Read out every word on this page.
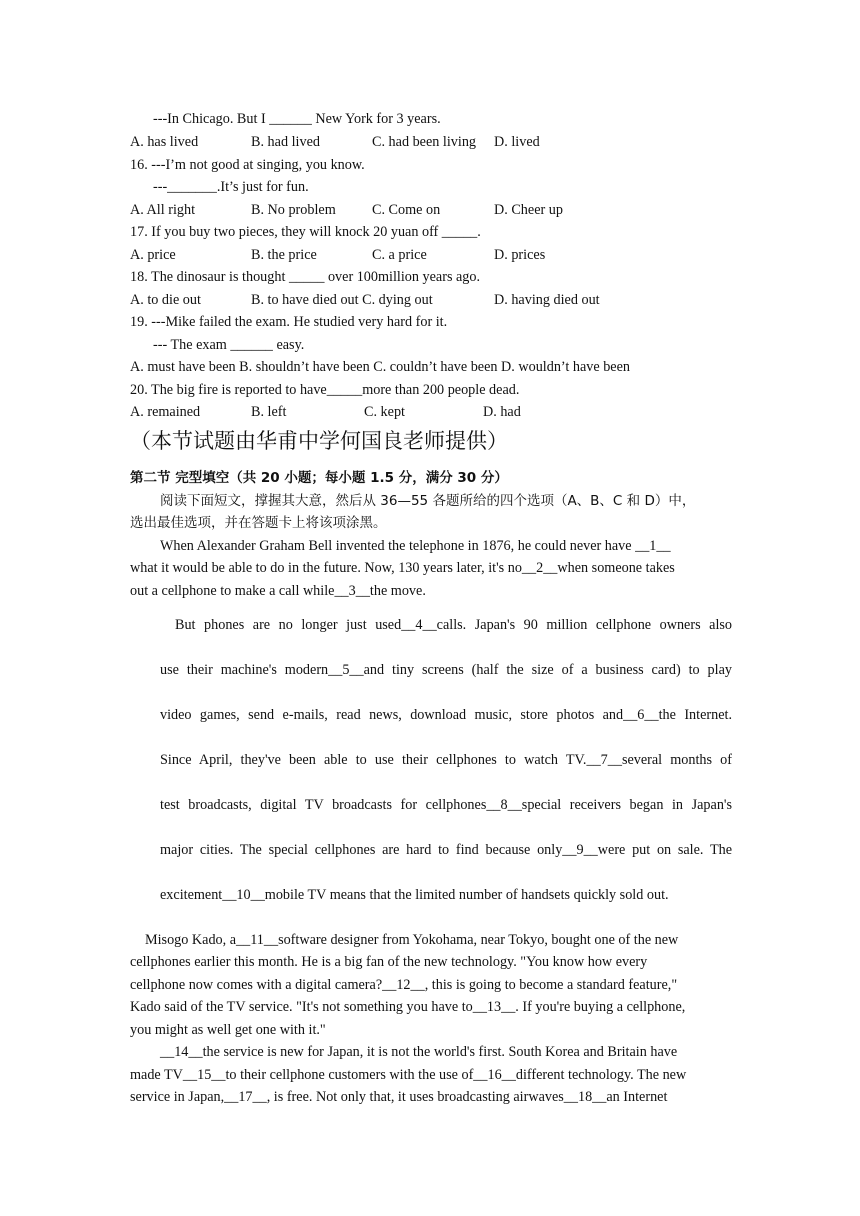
---In Chicago. But I ______ New York for 3 years.
A. has lived	B. had lived	C. had been living D. lived
16. ---I’m not good at singing, you know.
---_______.It’s just for fun.
A. All right	B. No problem	C. Come on	D. Cheer up
17. If you buy two pieces, they will knock 20 yuan off _____.
A. price	B. the price	C. a price	D. prices
18. The dinosaur is thought _____ over 100million years ago.
A. to die out	B. to have died out C. dying out	D. having died out
19. ---Mike failed the exam. He studied very hard for it.
--- The exam ______ easy.
A. must have been B. shouldn’t have been C. couldn’t have been D. wouldn’t have been
20. The big fire is reported to have_____more than 200 people dead.
A. remained	B. left	C. kept	D. had
（本节试题由华甫中学何国良老师提供）
第二节 完型填空（共 20 小题；每小题 1.5 分，满分 30 分）
阅读下面短文，撑握其大意，然后从 36—55 各题所给的四个选项（A、B、C 和 D）中，
选出最佳选项，并在答题卡上将该项涂黑。
When Alexander Graham Bell invented the telephone in 1876, he could never have __1__
what it would be able to do in the future. Now, 130 years later, it's no__2__when someone takes
out a cellphone to make a call while__3__the move.
But phones are no longer just used__4__calls. Japan's 90 million cellphone owners also
use their machine's modern__5__and tiny screens (half the size of a business card) to play
video games, send e-mails, read news, download music, store photos and__6__the Internet.
Since April, they've been able to use their cellphones to watch TV.__7__several months of
test broadcasts, digital TV broadcasts for cellphones__8__special receivers began in Japan's
major cities. The special cellphones are hard to find because only__9__were put on sale. The
excitement__10__mobile TV means that the limited number of handsets quickly sold out.
Misogo Kado, a__11__software designer from Yokohama, near Tokyo, bought one of the new
cellphones earlier this month. He is a big fan of the new technology. "You know how every
cellphone now comes with a digital camera?__12__, this is going to become a standard feature,"
Kado said of the TV service. "It's not something you have to__13__. If you're buying a cellphone,
you might as well get one with it."
__14__the service is new for Japan, it is not the world's first. South Korea and Britain have
made TV__15__to their cellphone customers with the use of__16__different technology. The new
service in Japan,__17__, is free. Not only that, it uses broadcasting airwaves__18__an Internet
